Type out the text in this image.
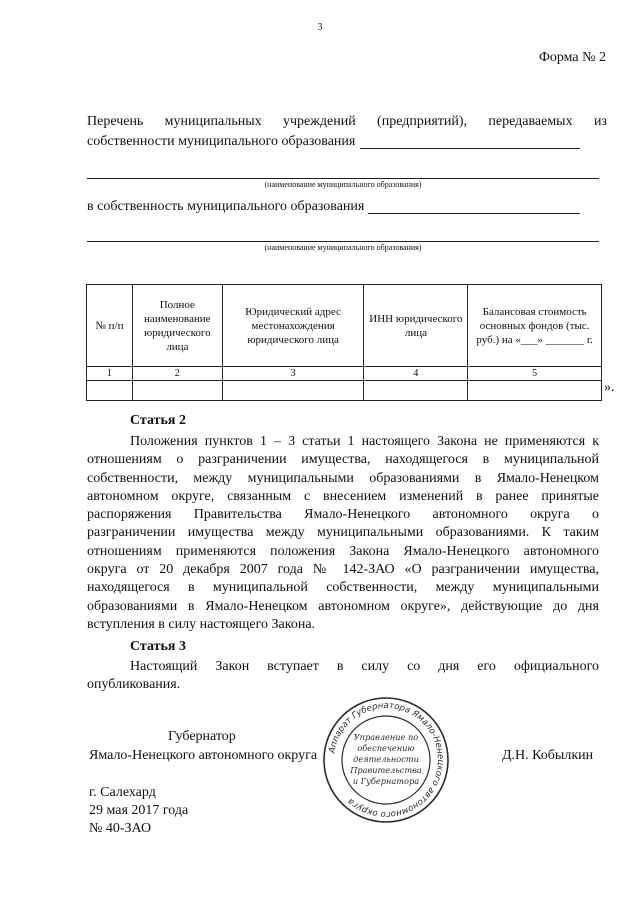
3
Форма № 2
Перечень муниципальных учреждений (предприятий), передаваемых из
собственности муниципального образования
(наименование муниципального образования)
в собственность муниципального образования
(наименование муниципального образования)
№ п/п	Полное наименование юридического лица	Юридический адрес местонахождения юридического лица	ИНН юридического лица	Балансовая стоимость основных фондов (тыс. руб.) на «___» _______ г.
1	2	3	4	5

».
Статья 2
Положения пунктов 1 – 3 статьи 1 настоящего Закона не применяются к
отношениям о разграничении имущества, находящегося в муниципальной
собственности, между муниципальными образованиями в Ямало-Ненецком
автономном округе, связанным с внесением изменений в ранее принятые
распоряжения Правительства Ямало-Ненецкого автономного округа о
разграничении имущества между муниципальными образованиями. К таким
отношениям применяются положения Закона Ямало-Ненецкого автономного
округа от 20 декабря 2007 года № 142-ЗАО «О разграничении имущества,
находящегося в муниципальной собственности, между муниципальными
образованиями в Ямало-Ненецком автономном округе», действующие до дня
вступления в силу настоящего Закона.
Статья 3
Настоящий Закон вступает в силу со дня его официального
опубликования.
Губернатор
Ямало-Ненецкого автономного округа	Д.Н. Кобылкин
Аппарат Губернатора Ямало-Ненецкого автономного округа
Управление по
обеспечению
деятельности
Правительства
и Губернатора
г. Салехард
29 мая 2017 года
№ 40-ЗАО
